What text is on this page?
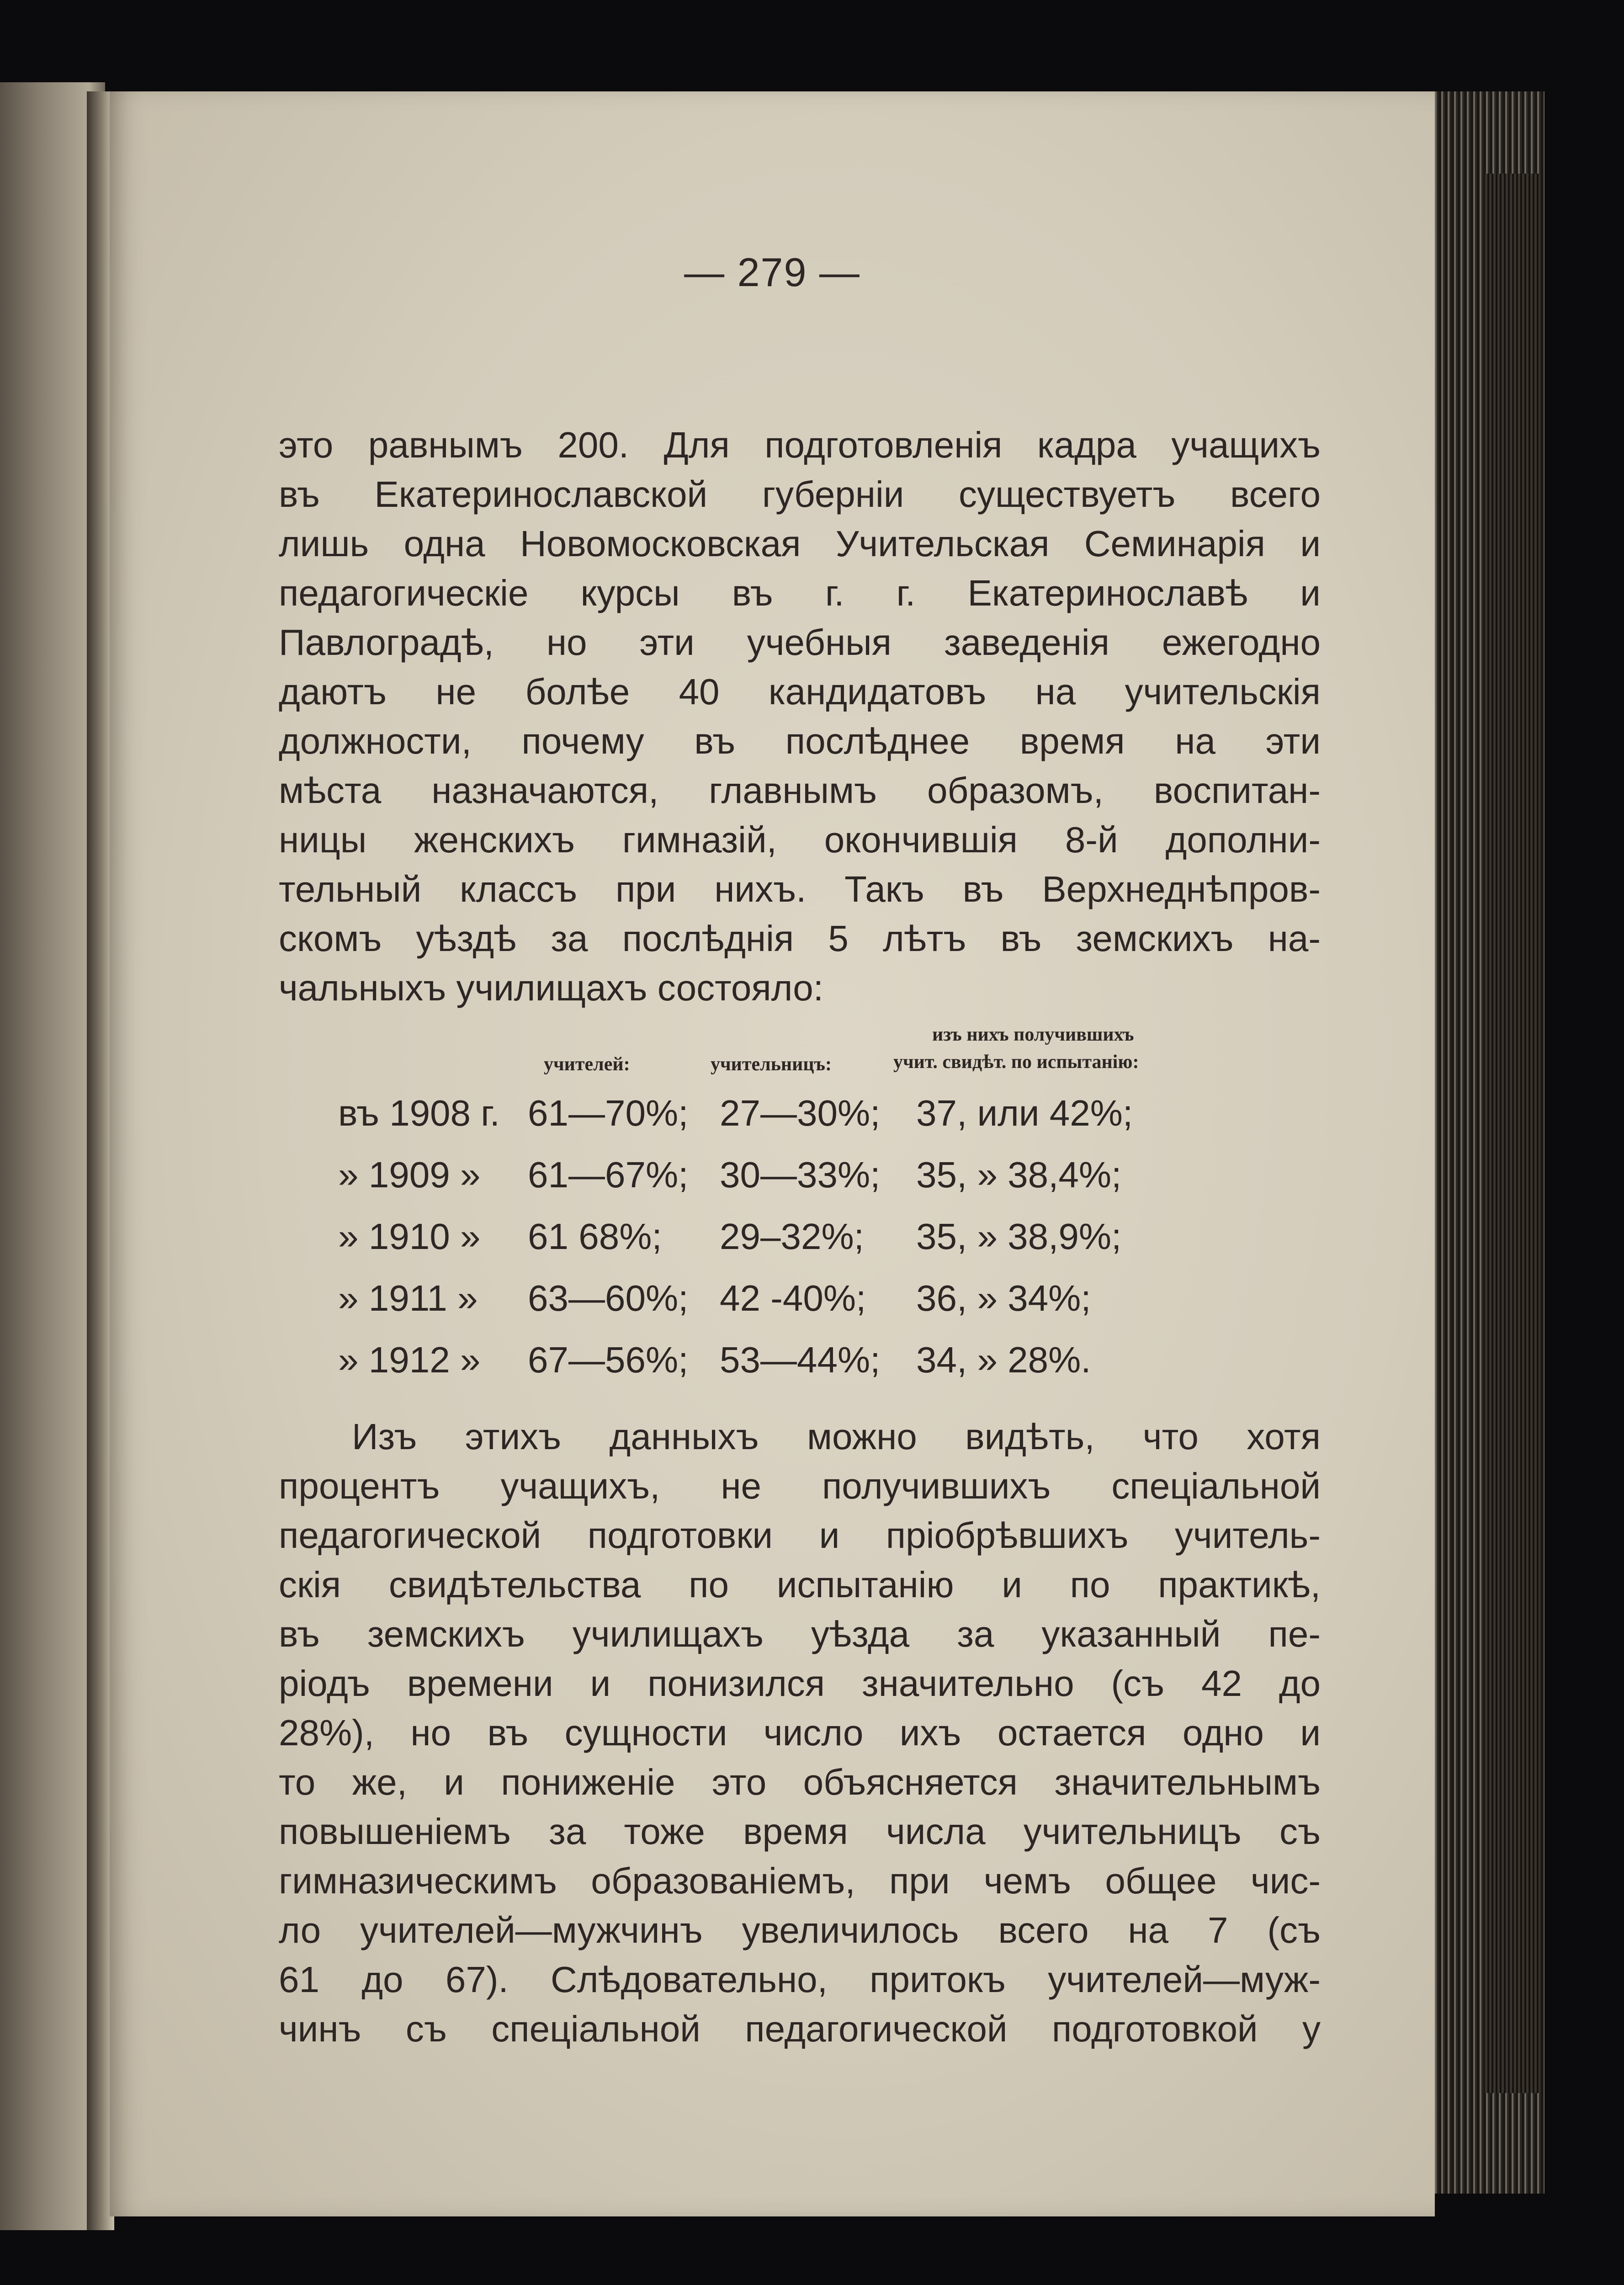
— 279 —
это равнымъ 200. Для подготовленія кадра учащихъ
въ Екатеринославской губерніи существуетъ всего
лишь одна Новомосковская Учительская Семинарія и
педагогическіе курсы въ г. г. Екатеринославѣ и
Павлоградѣ, но эти учебныя заведенія ежегодно
даютъ не болѣе 40 кандидатовъ на учительскія
должности, почему въ послѣднее время на эти
мѣста назначаются, главнымъ образомъ, воспитан-
ницы женскихъ гимназій, окончившія 8-й дополни-
тельный классъ при нихъ. Такъ въ Верхнеднѣпров-
скомъ уѣздѣ за послѣднія 5 лѣтъ въ земскихъ на-
чальныхъ училищахъ состояло:
учителей:	учительницъ:
изъ нихъ получившихъ
учит. свидѣт. по испытанію:
въ 1908 г. 61—70%; 27—30%; 37, или 42%;
» 1909 » 61—67%; 30—33%; 35, » 38,4%;
» 1910 » 61 68%; 29–32%; 35, » 38,9%;
» 1911 » 63—60%; 42 -40%; 36, » 34%;
» 1912 » 67—56%; 53—44%; 34, » 28%.
Изъ этихъ данныхъ можно видѣть, что хотя
процентъ учащихъ, не получившихъ спеціальной
педагогической подготовки и пріобрѣвшихъ учитель-
скія свидѣтельства по испытанію и по практикѣ,
въ земскихъ училищахъ уѣзда за указанный пе-
ріодъ времени и понизился значительно (съ 42 до
28%), но въ сущности число ихъ остается одно и
то же, и пониженіе это объясняется значительнымъ
повышеніемъ за тоже время числа учительницъ съ
гимназическимъ образованіемъ, при чемъ общее чис-
ло учителей—мужчинъ увеличилось всего на 7 (съ
61 до 67). Слѣдовательно, притокъ учителей—муж-
чинъ съ спеціальной педагогической подготовкой у
